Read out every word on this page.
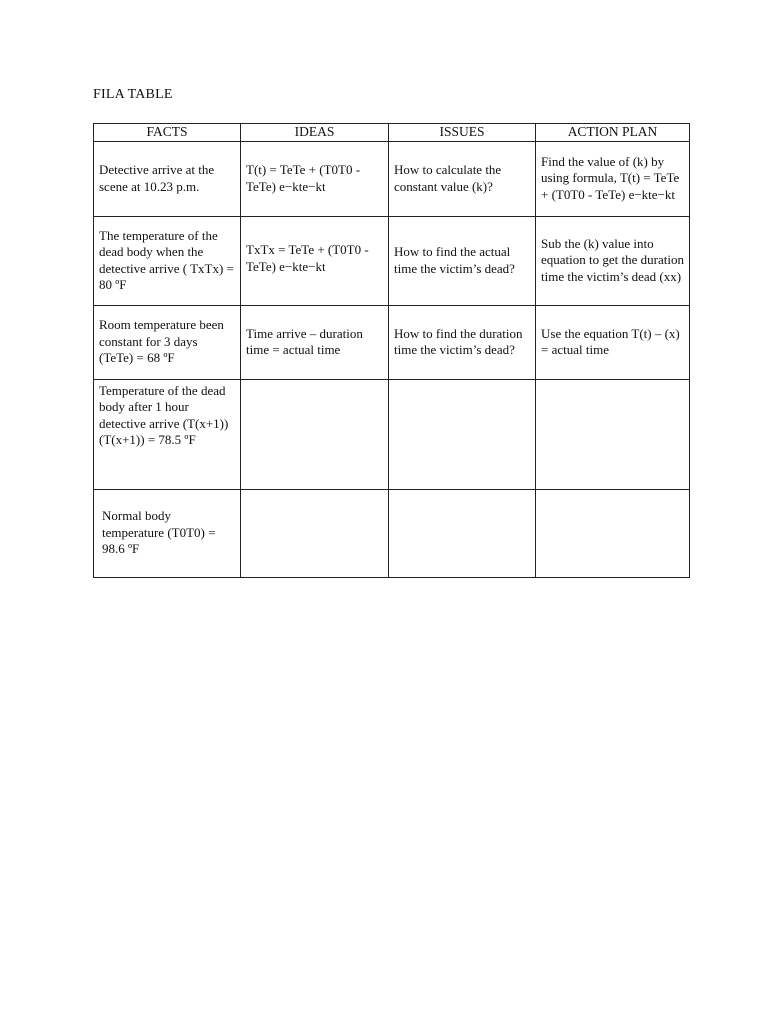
FILA TABLE
FACTS	IDEAS	ISSUES	ACTION PLAN

Detective arrive at the scene at 10.23 p.m.	T(t) = TeTe + (T0T0 - TeTe) e−kte−kt	How to calculate the constant value (k)?	Find the value of (k) by using formula, T(t) = TeTe + (T0T0 - TeTe) e−kte−kt

The temperature of the dead body when the detective arrive ( TxTx) = 80 ºF	TxTx = TeTe + (T0T0 - TeTe) e−kte−kt	How to find the actual time the victim’s dead?	Sub the (k) value into equation to get the duration time the victim’s dead (xx)

Room temperature been constant for 3 days (TeTe) = 68 ºF	Time arrive – duration time = actual time	How to find the duration time the victim’s dead?	Use the equation T(t) – (x) = actual time

Temperature of the dead body after 1 hour detective arrive (T(x+1))(T(x+1)) = 78.5 ºF			

Normal body temperature (T0T0) = 98.6 ºF			
